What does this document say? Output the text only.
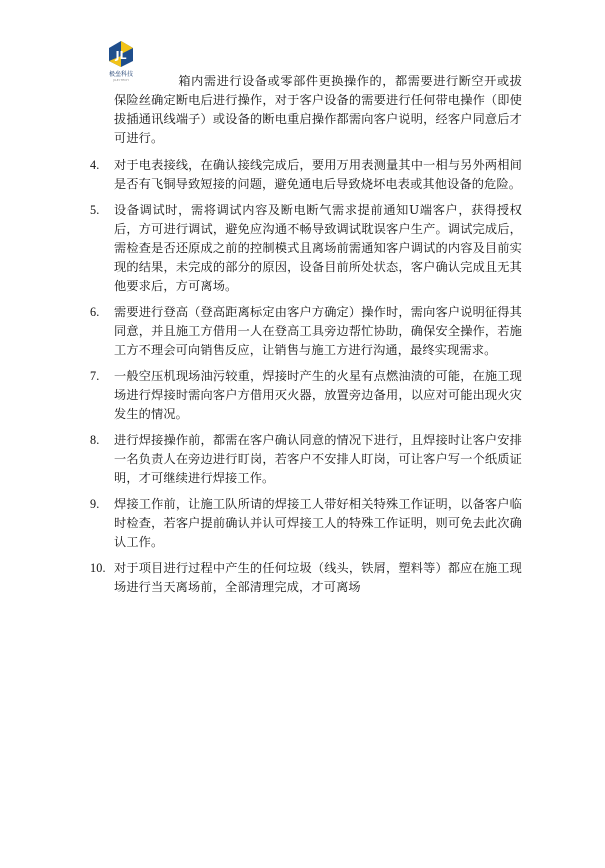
JL
极垒科技
JILEI TECH	箱内需进行设备或零部件更换操作的，都需要进行断空开或拔保险丝确定断电后进行操作，对于客户设备的需要进行任何带电操作（即使拔插通讯线端子）或设备的断电重启操作都需向客户说明，经客户同意后才可进行。

4.	对于电表接线，在确认接线完成后，要用万用表测量其中一相与另外两相间是否有飞铜导致短接的问题，避免通电后导致烧坏电表或其他设备的危险。
5.	设备调试时，需将调试内容及断电断气需求提前通知U端客户，获得授权后，方可进行调试，避免应沟通不畅导致调试耽误客户生产。调试完成后，需检查是否还原成之前的控制模式且离场前需通知客户调试的内容及目前实现的结果，未完成的部分的原因，设备目前所处状态，客户确认完成且无其他要求后，方可离场。
6.	需要进行登高（登高距离标定由客户方确定）操作时，需向客户说明征得其同意，并且施工方借用一人在登高工具旁边帮忙协助，确保安全操作，若施工方不理会可向销售反应，让销售与施工方进行沟通，最终实现需求。
7.	一般空压机现场油污较重，焊接时产生的火星有点燃油渍的可能，在施工现场进行焊接时需向客户方借用灭火器，放置旁边备用，以应对可能出现火灾发生的情况。
8.	进行焊接操作前，都需在客户确认同意的情况下进行，且焊接时让客户安排一名负责人在旁边进行盯岗，若客户不安排人盯岗，可让客户写一个纸质证明，才可继续进行焊接工作。
9.	焊接工作前，让施工队所请的焊接工人带好相关特殊工作证明，以备客户临时检查，若客户提前确认并认可焊接工人的特殊工作证明，则可免去此次确认工作。
10. 对于项目进行过程中产生的任何垃圾（线头，铁屑，塑料等）都应在施工现场进行当天离场前，全部清理完成，才可离场
